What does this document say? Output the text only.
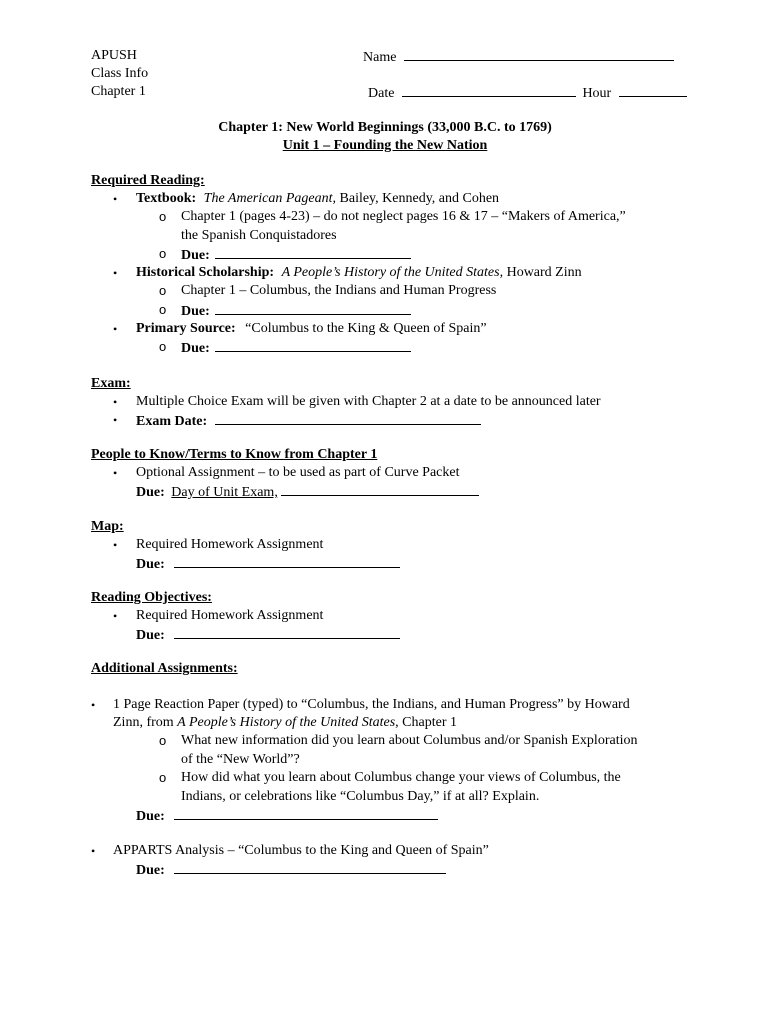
APUSH
Class Info
Chapter 1
Name
Date	Hour
Chapter 1: New World Beginnings (33,000 B.C. to 1769)
Unit 1 – Founding the New Nation
Required Reading:
• Textbook: The American Pageant, Bailey, Kennedy, and Cohen
o Chapter 1 (pages 4-23) – do not neglect pages 16 & 17 – “Makers of America,”
the Spanish Conquistadores
o Due:
• Historical Scholarship: A People’s History of the United States, Howard Zinn
o Chapter 1 – Columbus, the Indians and Human Progress
o Due:
• Primary Source: “Columbus to the King & Queen of Spain”
o Due:
Exam:
• Multiple Choice Exam will be given with Chapter 2 at a date to be announced later
• Exam Date:
People to Know/Terms to Know from Chapter 1
• Optional Assignment – to be used as part of Curve Packet
Due: Day of Unit Exam,
Map:
• Required Homework Assignment
Due:
Reading Objectives:
• Required Homework Assignment
Due:
Additional Assignments:
• 1 Page Reaction Paper (typed) to “Columbus, the Indians, and Human Progress” by Howard
Zinn, from A People’s History of the United States, Chapter 1
o What new information did you learn about Columbus and/or Spanish Exploration
of the “New World”?
o How did what you learn about Columbus change your views of Columbus, the
Indians, or celebrations like “Columbus Day,” if at all? Explain.
Due:
• APPARTS Analysis – “Columbus to the King and Queen of Spain”
Due:
